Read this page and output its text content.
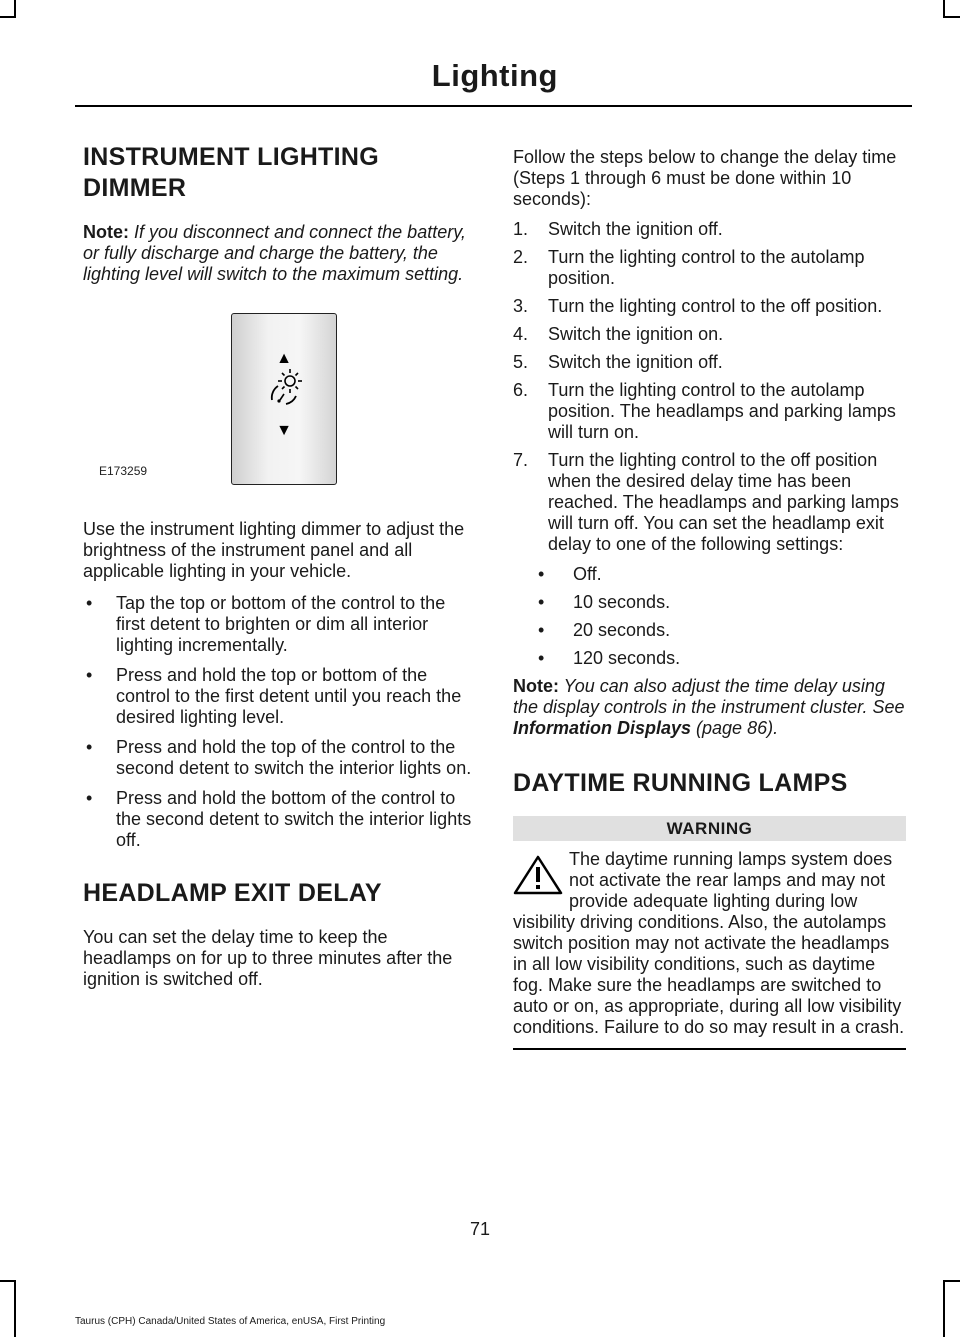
Lighting
INSTRUMENT LIGHTING
DIMMER

Note: If you disconnect and connect the battery, or fully discharge and charge the battery, the lighting level will switch to the maximum setting.

▲
▼
E173259

Use the instrument lighting dimmer to adjust the brightness of the instrument panel and all applicable lighting in your vehicle.

• Tap the top or bottom of the control to the first detent to brighten or dim all interior lighting incrementally.
• Press and hold the top or bottom of the control to the first detent until you reach the desired lighting level.
• Press and hold the top of the control to the second detent to switch the interior lights on.
• Press and hold the bottom of the control to the second detent to switch the interior lights off.
HEADLAMP EXIT DELAY

You can set the delay time to keep the headlamps on for up to three minutes after the ignition is switched off.

Follow the steps below to change the delay time (Steps 1 through 6 must be done within 10 seconds):

1. Switch the ignition off.
2. Turn the lighting control to the autolamp position.
3. Turn the lighting control to the off position.
4. Switch the ignition on.
5. Switch the ignition off.
6. Turn the lighting control to the autolamp position. The headlamps and parking lamps will turn on.
7. Turn the lighting control to the off position when the desired delay time has been reached. The headlamps and parking lamps will turn off. You can set the headlamp exit delay to one of the following settings:
• Off.
• 10 seconds.
• 20 seconds.
• 120 seconds.

Note: You can also adjust the time delay using the display controls in the instrument cluster. See Information Displays (page 86).

DAYTIME RUNNING LAMPS
WARNING
The daytime running lamps system does not activate the rear lamps and may not provide adequate lighting during low visibility driving conditions. Also, the autolamps switch position may not activate the headlamps in all low visibility conditions, such as daytime fog. Make sure the headlamps are switched to auto or on, as appropriate, during all low visibility conditions. Failure to do so may result in a crash.
71
Taurus (CPH) Canada/United States of America, enUSA, First Printing
